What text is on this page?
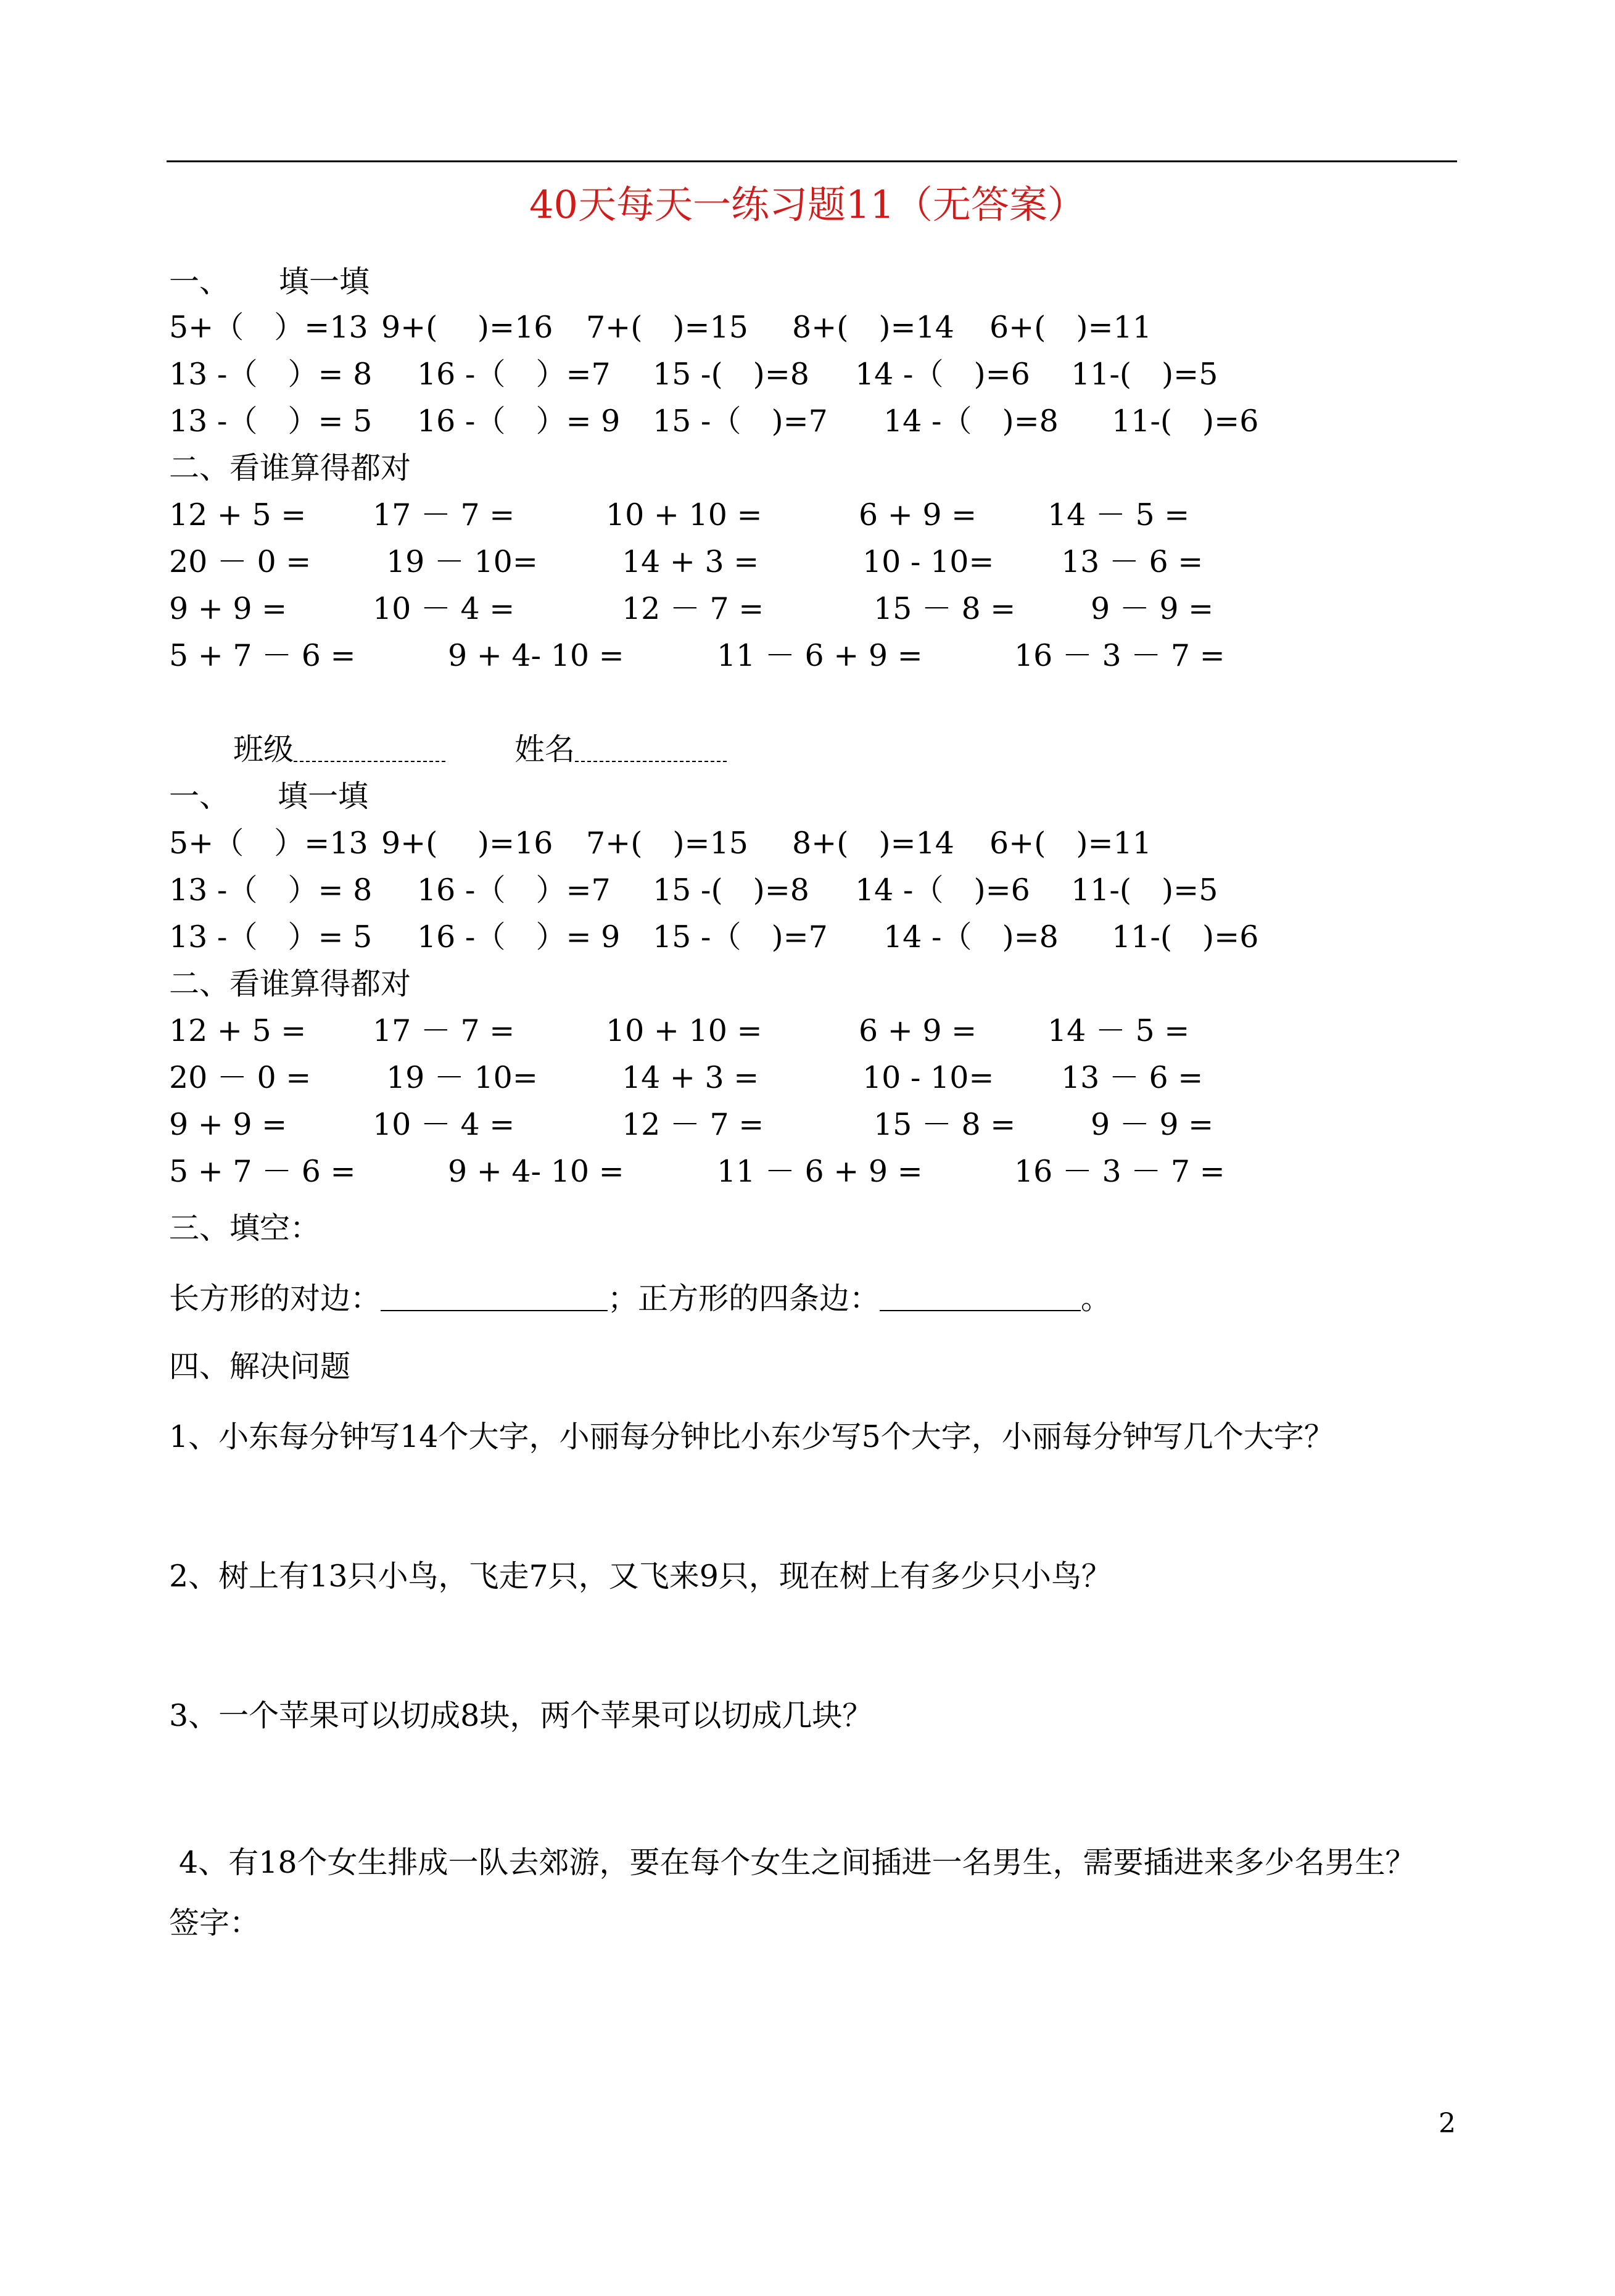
40天每天一练习题11（无答案）
一、 填一填
5+（　）=13 9+(　 )=16 7+(　)=15 8+(　)=14 6+(　)=11
13 -（　）= 8 16 -（　）=7 15 -(　)=8 14 -（　)=6 11-(　)=5
13 -（　）= 5 16 -（　）= 9 15 -（　)=7 14 -（　)=8 11-(　)=6
二、看谁算得都对
12 + 5 = 17 － 7 =	10 + 10 =	6 + 9 = 14 － 5 =
20 － 0 = 19 － 10=	14 + 3 =	10 - 10= 13 － 6 =
9 + 9 =	10 － 4 =	12 － 7 =	15 － 8 = 9 － 9 =
5 + 7 － 6 =	9 + 4- 10 =	11 － 6 + 9 =	16 － 3 － 7 =
班级	姓名
一、 填一填
5+（　）=13 9+(　 )=16 7+(　)=15 8+(　)=14 6+(　)=11
13 -（　）= 8 16 -（　）=7 15 -(　)=8 14 -（　)=6 11-(　)=5
13 -（　）= 5 16 -（　）= 9 15 -（　)=7 14 -（　)=8 11-(　)=6
二、看谁算得都对
12 + 5 = 17 － 7 =	10 + 10 =	6 + 9 = 14 － 5 =
20 － 0 = 19 － 10=	14 + 3 =	10 - 10= 13 － 6 =
9 + 9 =	10 － 4 =	12 － 7 =	15 － 8 = 9 － 9 =
5 + 7 － 6 =	9 + 4- 10 =	11 － 6 + 9 =	16 － 3 － 7 =
三、填空：
长方形的对边：	；正方形的四条边：	。
四、解决问题
1、小东每分钟写14个大字，小丽每分钟比小东少写5个大字，小丽每分钟写几个大字？
2、树上有13只小鸟，飞走7只，又飞来9只，现在树上有多少只小鸟？
3、一个苹果可以切成8块，两个苹果可以切成几块？
4、有18个女生排成一队去郊游，要在每个女生之间插进一名男生，需要插进来多少名男生？
签字：
2
